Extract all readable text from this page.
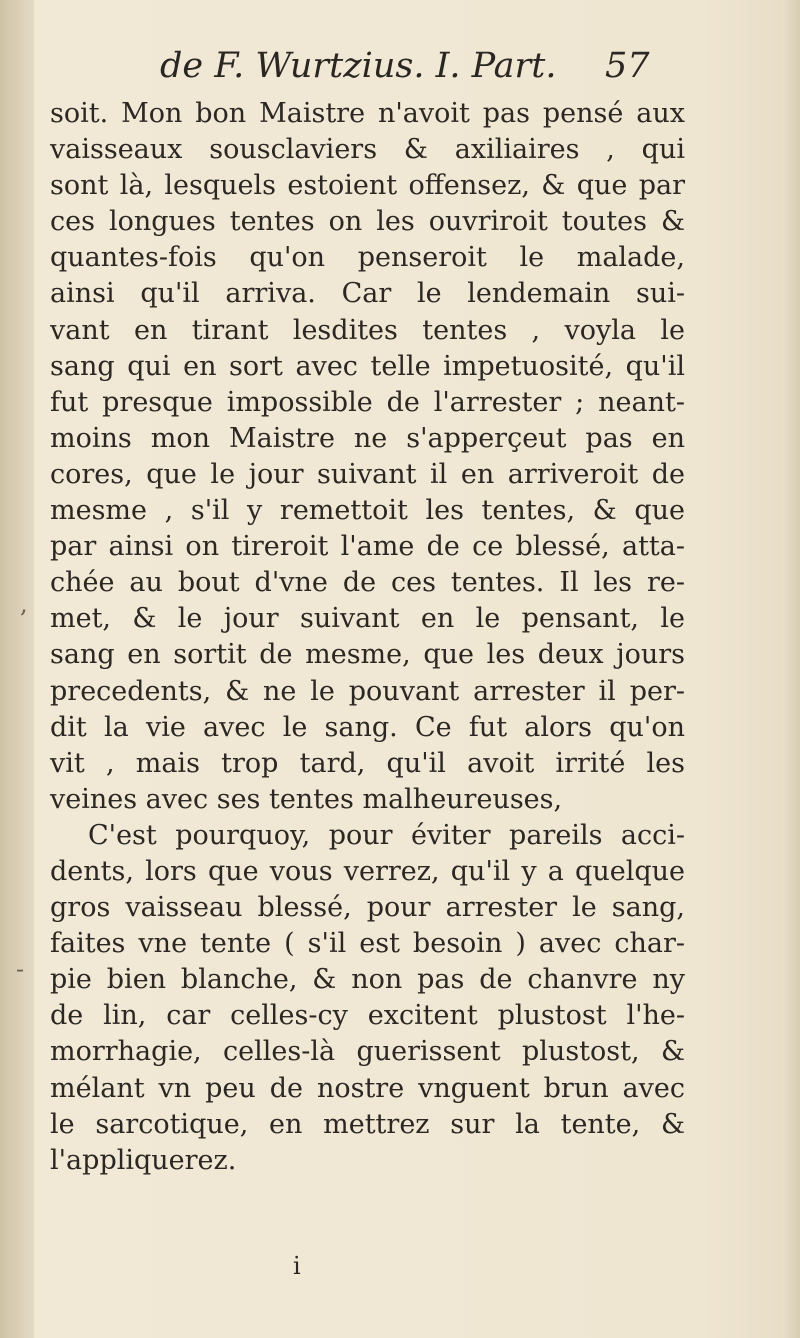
de F. Wurtzius. I. Part. 57
soit. Mon bon Maistre n'avoit pas pensé aux
vaisseaux sousclaviers & axiliaires , qui
sont là, lesquels estoient offensez, & que par
ces longues tentes on les ouvriroit toutes &
quantes-fois qu'on penseroit le malade,
ainsi qu'il arriva. Car le lendemain sui-
vant en tirant lesdites tentes , voyla le
sang qui en sort avec telle impetuosité, qu'il
fut presque impossible de l'arrester ; neant-
moins mon Maistre ne s'apperçeut pas en
cores, que le jour suivant il en arriveroit de
mesme , s'il y remettoit les tentes, & que
par ainsi on tireroit l'ame de ce blessé, atta-
chée au bout d'vne de ces tentes. Il les re-
met, & le jour suivant en le pensant, le
sang en sortit de mesme, que les deux jours
precedents, & ne le pouvant arrester il per-
dit la vie avec le sang. Ce fut alors qu'on
vit , mais trop tard, qu'il avoit irrité les
veines avec ses tentes malheureuses,
C'est pourquoy, pour éviter pareils acci-
dents, lors que vous verrez, qu'il y a quelque
gros vaisseau blessé, pour arrester le sang,
faites vne tente ( s'il est besoin ) avec char-
pie bien blanche, & non pas de chanvre ny
de lin, car celles-cy excitent plustost l'he-
morrhagie, celles-là guerissent plustost, &
mélant vn peu de nostre vnguent brun avec
le sarcotique, en mettrez sur la tente, &
l'appliquerez.
,
-
i
